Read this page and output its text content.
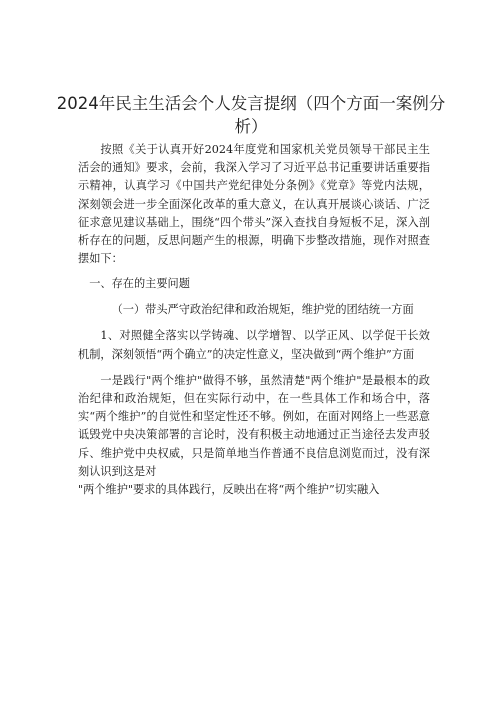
2024年民主生活会个人发言提纲（四个方面一案例分析）

按照《关于认真开好2024年度党和国家机关党员领导干部民主生活会的通知》要求，会前，我深入学习了习近平总书记重要讲话重要指示精神，认真学习《中国共产党纪律处分条例》《党章》等党内法规，深刻领会进一步全面深化改革的重大意义，在认真开展谈心谈话、广泛征求意见建议基础上，围绕“四个带头”深入查找自身短板不足，深入剖析存在的问题，反思问题产生的根源，明确下步整改措施，现作对照查摆如下：

一、存在的主要问题

（一）带头严守政治纪律和政治规矩，维护党的团结统一方面

1、对照健全落实以学铸魂、以学增智、以学正风、以学促干长效机制，深刻领悟“两个确立”的决定性意义，坚决做到“两个维护”方面

一是践行"两个维护"做得不够，虽然清楚"两个维护"是最根本的政治纪律和政治规矩，但在实际行动中，在一些具体工作和场合中，落实“两个维护”的自觉性和坚定性还不够。例如，在面对网络上一些恶意诋毁党中央决策部署的言论时，没有积极主动地通过正当途径去发声驳斥、维护党中央权威，只是简单地当作普通不良信息浏览而过，没有深刻认识到这是对

"两个维护"要求的具体践行，反映出在将“两个维护”切实融入
